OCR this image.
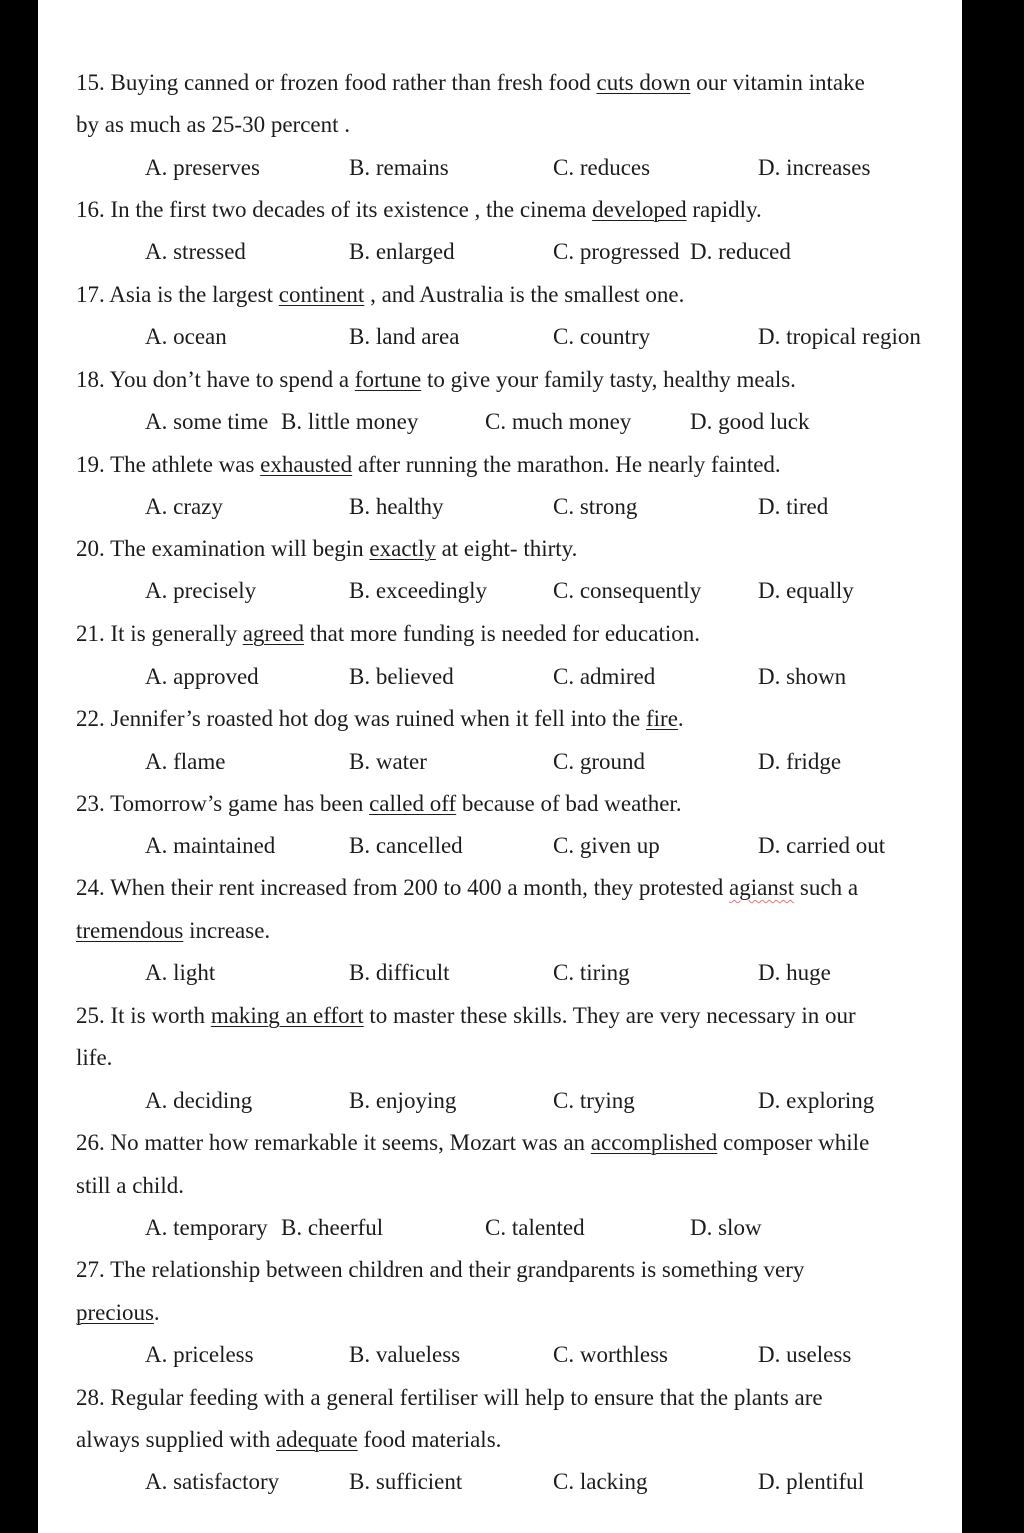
15. Buying canned or frozen food rather than fresh food cuts down our vitamin intake
by as much as 25-30 percent .
A. preserves	B. remains	C. reduces	D. increases
16. In the first two decades of its existence , the cinema developed rapidly.
A. stressed	B. enlarged	C. progressed D. reduced
17. Asia is the largest continent , and Australia is the smallest one.
A. ocean	B. land area	C. country	D. tropical region
18. You don’t have to spend a fortune to give your family tasty, healthy meals.
A. some time B. little money	C. much money	D. good luck
19. The athlete was exhausted after running the marathon. He nearly fainted.
A. crazy	B. healthy	C. strong	D. tired
20. The examination will begin exactly at eight- thirty.
A. precisely	B. exceedingly	C. consequently D. equally
21. It is generally agreed that more funding is needed for education.
A. approved	B. believed	C. admired	D. shown
22. Jennifer’s roasted hot dog was ruined when it fell into the fire.
A. flame	B. water	C. ground	D. fridge
23. Tomorrow’s game has been called off because of bad weather.
A. maintained	B. cancelled	C. given up	D. carried out
24. When their rent increased from 200 to 400 a month, they protested agianst such a
tremendous increase.
A. light	B. difficult	C. tiring	D. huge
25. It is worth making an effort to master these skills. They are very necessary in our
life.
A. deciding	B. enjoying	C. trying	D. exploring
26. No matter how remarkable it seems, Mozart was an accomplished composer while
still a child.
A. temporary B. cheerful	C. talented	D. slow
27. The relationship between children and their grandparents is something very
precious.
A. priceless	B. valueless	C. worthless	D. useless
28. Regular feeding with a general fertiliser will help to ensure that the plants are
always supplied with adequate food materials.
A. satisfactory	B. sufficient	C. lacking	D. plentiful
